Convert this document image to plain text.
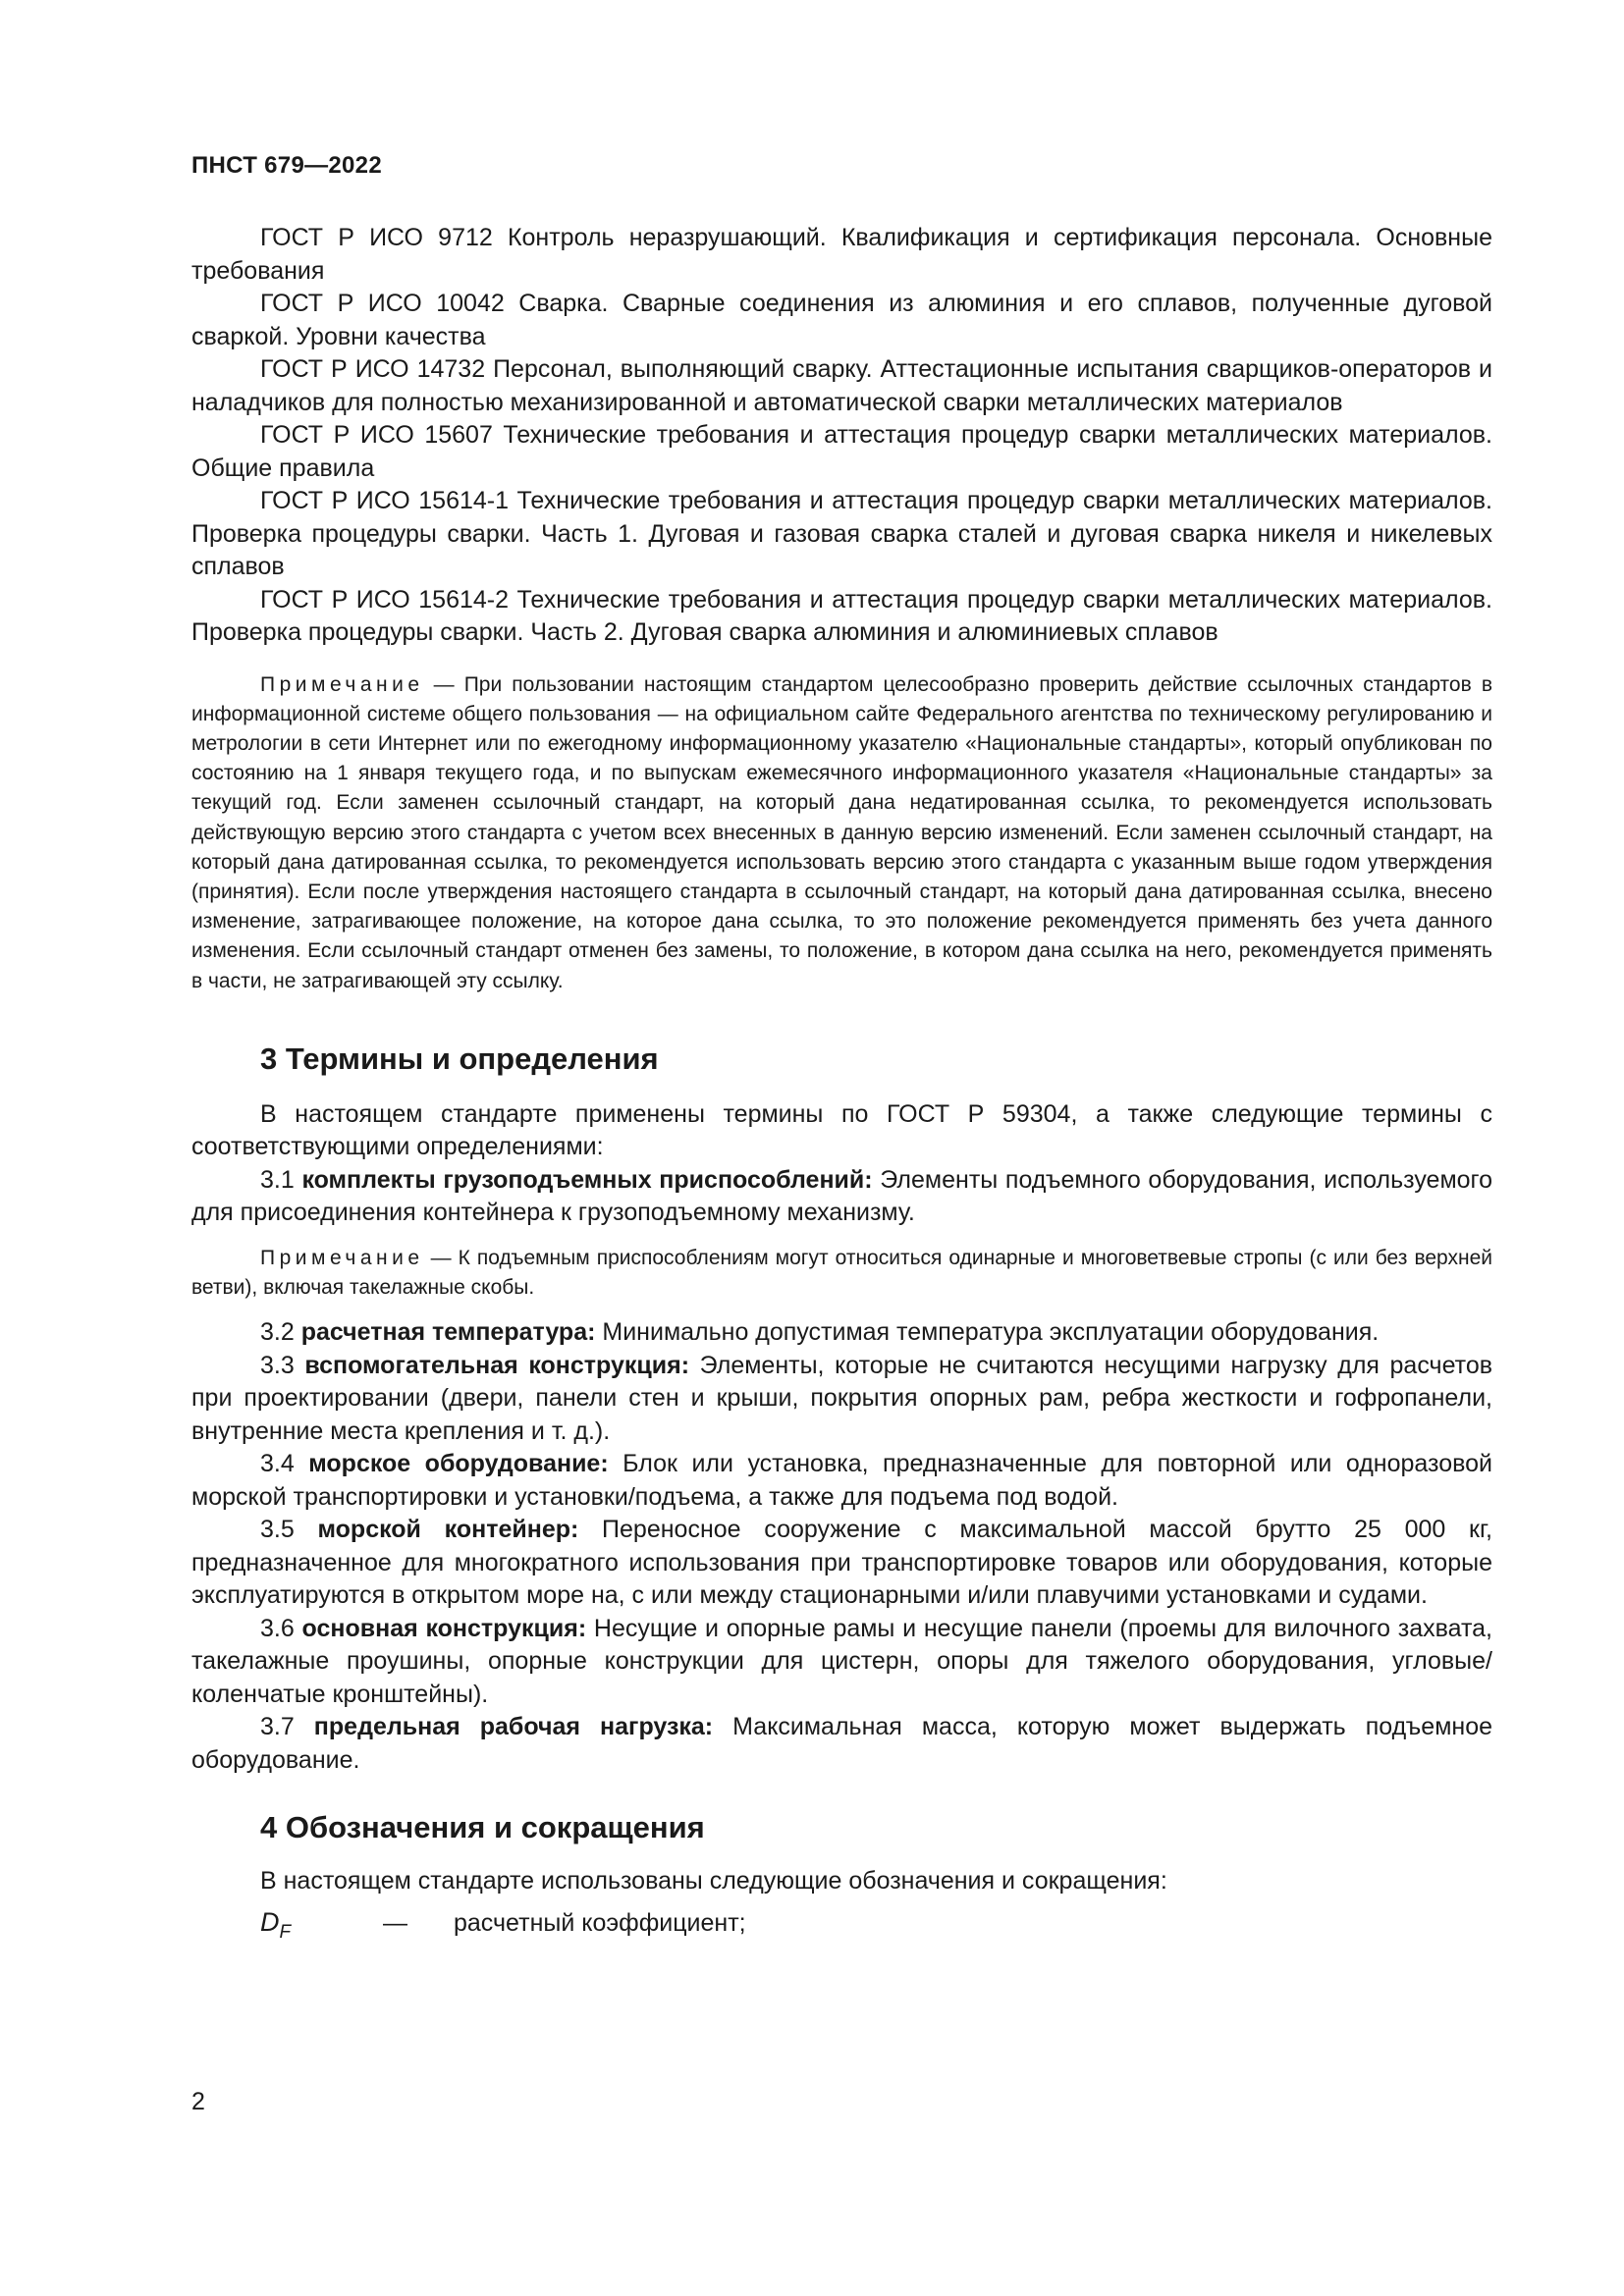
ПНСТ 679—2022

ГОСТ Р ИСО 9712 Контроль неразрушающий. Квалификация и сертификация персонала. Основные требования

ГОСТ Р ИСО 10042 Сварка. Сварные соединения из алюминия и его сплавов, полученные дуговой сваркой. Уровни качества

ГОСТ Р ИСО 14732 Персонал, выполняющий сварку. Аттестационные испытания сварщиков-операторов и наладчиков для полностью механизированной и автоматической сварки металлических материалов

ГОСТ Р ИСО 15607 Технические требования и аттестация процедур сварки металлических материалов. Общие правила

ГОСТ Р ИСО 15614-1 Технические требования и аттестация процедур сварки металлических материалов. Проверка процедуры сварки. Часть 1. Дуговая и газовая сварка сталей и дуговая сварка никеля и никелевых сплавов

ГОСТ Р ИСО 15614-2 Технические требования и аттестация процедур сварки металлических материалов. Проверка процедуры сварки. Часть 2. Дуговая сварка алюминия и алюминиевых сплавов

Примечание — При пользовании настоящим стандартом целесообразно проверить действие ссылочных стандартов в информационной системе общего пользования — на официальном сайте Федерального агентства по техническому регулированию и метрологии в сети Интернет или по ежегодному информационному указателю «Национальные стандарты», который опубликован по состоянию на 1 января текущего года, и по выпускам ежемесячного информационного указателя «Национальные стандарты» за текущий год. Если заменен ссылочный стандарт, на который дана недатированная ссылка, то рекомендуется использовать действующую версию этого стандарта с учетом всех внесенных в данную версию изменений. Если заменен ссылочный стандарт, на который дана датированная ссылка, то рекомендуется использовать версию этого стандарта с указанным выше годом утверждения (принятия). Если после утверждения настоящего стандарта в ссылочный стандарт, на который дана датированная ссылка, внесено изменение, затрагивающее положение, на которое дана ссылка, то это положение рекомендуется применять без учета данного изменения. Если ссылочный стандарт отменен без замены, то положение, в котором дана ссылка на него, рекомендуется применять в части, не затрагивающей эту ссылку.

3 Термины и определения

В настоящем стандарте применены термины по ГОСТ Р 59304, а также следующие термины с соответствующими определениями:

3.1 комплекты грузоподъемных приспособлений: Элементы подъемного оборудования, используемого для присоединения контейнера к грузоподъемному механизму.

Примечание — К подъемным приспособлениям могут относиться одинарные и многоветвевые стропы (с или без верхней ветви), включая такелажные скобы.

3.2 расчетная температура: Минимально допустимая температура эксплуатации оборудования.

3.3 вспомогательная конструкция: Элементы, которые не считаются несущими нагрузку для расчетов при проектировании (двери, панели стен и крыши, покрытия опорных рам, ребра жесткости и гофропанели, внутренние места крепления и т. д.).

3.4 морское оборудование: Блок или установка, предназначенные для повторной или одноразовой морской транспортировки и установки/подъема, а также для подъема под водой.

3.5 морской контейнер: Переносное сооружение с максимальной массой брутто 25 000 кг, предназначенное для многократного использования при транспортировке товаров или оборудования, которые эксплуатируются в открытом море на, с или между стационарными и/или плавучими установками и судами.

3.6 основная конструкция: Несущие и опорные рамы и несущие панели (проемы для вилочного захвата, такелажные проушины, опорные конструкции для цистерн, опоры для тяжелого оборудования, угловые/коленчатые кронштейны).

3.7 предельная рабочая нагрузка: Максимальная масса, которую может выдержать подъемное оборудование.

4 Обозначения и сокращения

В настоящем стандарте использованы следующие обозначения и сокращения:

$D_F$	—	расчетный коэффициент;
2
